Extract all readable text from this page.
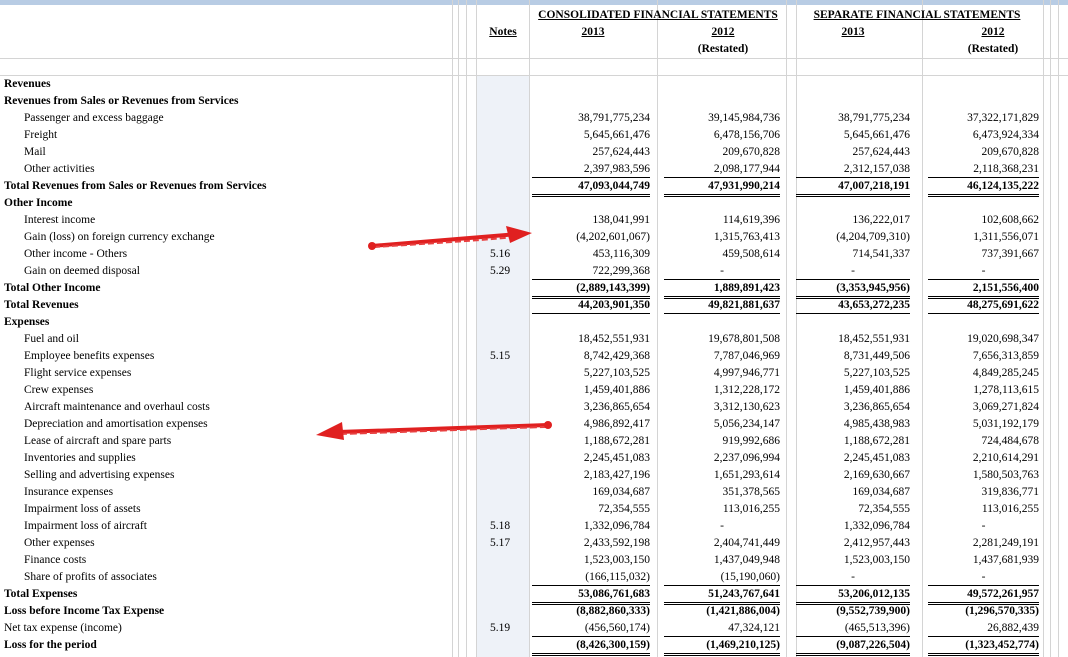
Notes
CONSOLIDATED FINANCIAL STATEMENTS	SEPARATE FINANCIAL STATEMENTS
2013	2012
(Restated)
2013	2012
(Restated)
Revenues
Revenues from Sales or Revenues from Services
Passenger and excess baggage	38,791,775,234	39,145,984,736	38,791,775,234	37,322,171,829
Freight	5,645,661,476	6,478,156,706	5,645,661,476	6,473,924,334
Mail	257,624,443	209,670,828	257,624,443	209,670,828
Other activities	2,397,983,596	2,098,177,944	2,312,157,038	2,118,368,231
Total Revenues from Sales or Revenues from Services	47,093,044,749	47,931,990,214	47,007,218,191	46,124,135,222
Other Income
Interest income	138,041,991	114,619,396	136,222,017	102,608,662
Gain (loss) on foreign currency exchange	(4,202,601,067)	1,315,763,413	(4,204,709,310)	1,311,556,071
Other income - Others	5.16	453,116,309	459,508,614	714,541,337	737,391,667
Gain on deemed disposal	5.29	722,299,368	-	-	-
Total Other Income	(2,889,143,399)	1,889,891,423	(3,353,945,956)	2,151,556,400
Total Revenues	44,203,901,350	49,821,881,637	43,653,272,235	48,275,691,622
Expenses
Fuel and oil	18,452,551,931	19,678,801,508	18,452,551,931	19,020,698,347
Employee benefits expenses	5.15	8,742,429,368	7,787,046,969	8,731,449,506	7,656,313,859
Flight service expenses	5,227,103,525	4,997,946,771	5,227,103,525	4,849,285,245
Crew expenses	1,459,401,886	1,312,228,172	1,459,401,886	1,278,113,615
Aircraft maintenance and overhaul costs	3,236,865,654	3,312,130,623	3,236,865,654	3,069,271,824
Depreciation and amortisation expenses	4,986,892,417	5,056,234,147	4,985,438,983	5,031,192,179
Lease of aircraft and spare parts	1,188,672,281	919,992,686	1,188,672,281	724,484,678
Inventories and supplies	2,245,451,083	2,237,096,994	2,245,451,083	2,210,614,291
Selling and advertising expenses	2,183,427,196	1,651,293,614	2,169,630,667	1,580,503,763
Insurance expenses	169,034,687	351,378,565	169,034,687	319,836,771
Impairment loss of assets	72,354,555	113,016,255	72,354,555	113,016,255
Impairment loss of aircraft	5.18	1,332,096,784	-	1,332,096,784	-
Other expenses	5.17	2,433,592,198	2,404,741,449	2,412,957,443	2,281,249,191
Finance costs	1,523,003,150	1,437,049,948	1,523,003,150	1,437,681,939
Share of profits of associates	(166,115,032)	(15,190,060)	-	-
Total Expenses	53,086,761,683	51,243,767,641	53,206,012,135	49,572,261,957
Loss before Income Tax Expense	(8,882,860,333)	(1,421,886,004)	(9,552,739,900)	(1,296,570,335)
Net tax expense (income)	5.19	(456,560,174)	47,324,121	(465,513,396)	26,882,439
Loss for the period	(8,426,300,159)	(1,469,210,125)	(9,087,226,504)	(1,323,452,774)
